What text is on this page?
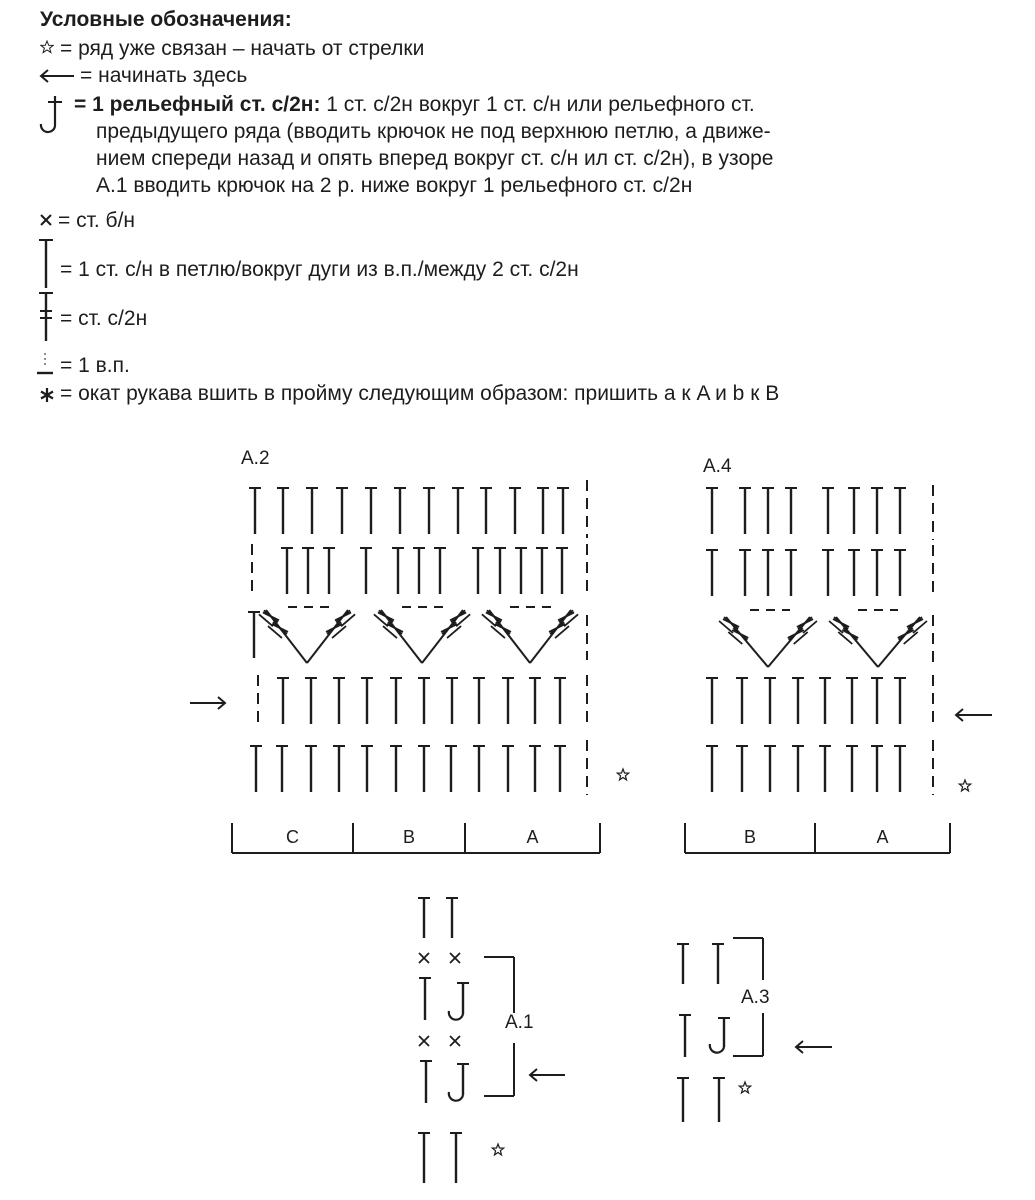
Условные обозначения:
= ряд уже связан – начать от стрелки
= начинать здесь
= 1 рельефный ст. с/2н: 1 ст. с/2н вокруг 1 ст. с/н или рельефного ст.
предыдущего ряда (вводить крючок не под верхнюю петлю, а движе-
нием спереди назад и опять вперед вокруг ст. с/н ил ст. с/2н), в узоре
А.1 вводить крючок на 2 р. ниже вокруг 1 рельефного ст. с/2н
= ст. б/н
= 1 ст. с/н в петлю/вокруг дуги из в.п./между 2 ст. с/2н
= ст. с/2н
= 1 в.п.
= окат рукава вшить в пройму следующим образом: пришить a к A и b к B
A.2	A.4
A.1
A.3
C	B	A	B	A
